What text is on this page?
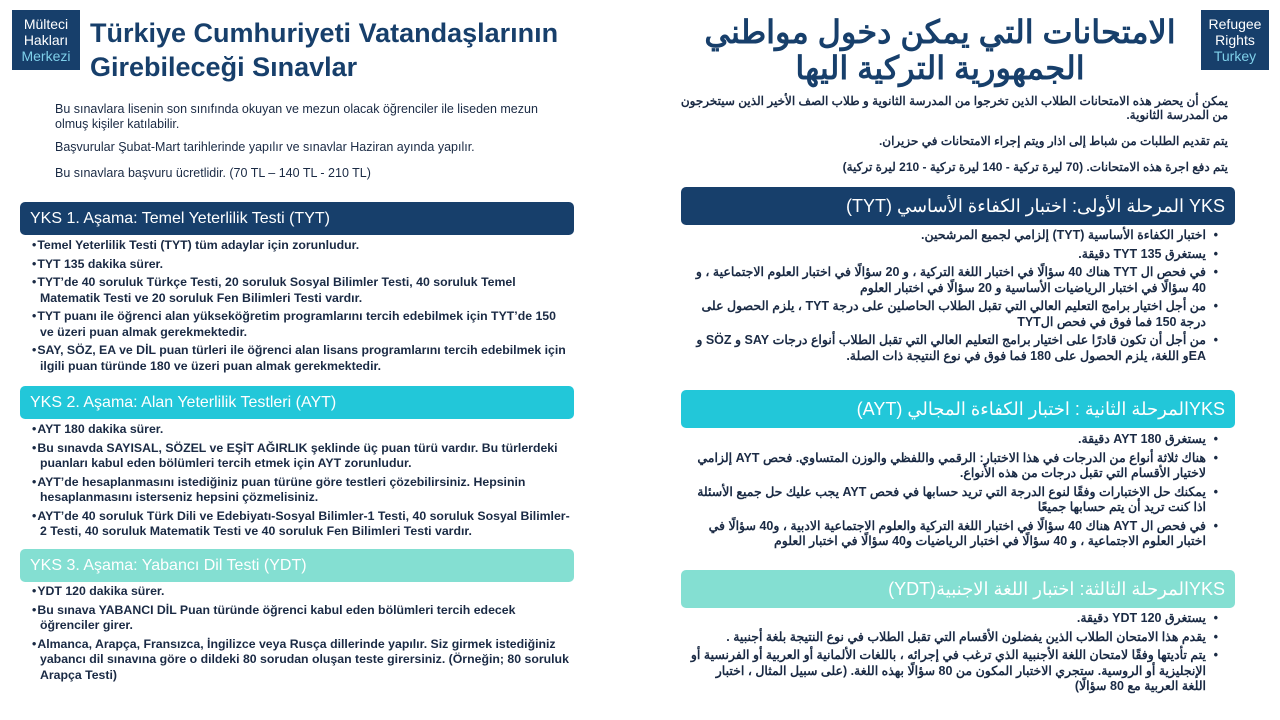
Mülteci
Hakları
Merkezi
Refugee
Rights
Turkey
Türkiye Cumhuriyeti Vatandaşlarının Girebileceği Sınavlar
الامتحانات التي يمكن دخول مواطني الجمهورية التركية اليها
Bu sınavlara lisenin son sınıfında okuyan ve mezun olacak öğrenciler ile liseden mezun olmuş kişiler katılabilir.
Başvurular Şubat-Mart tarihlerinde yapılır ve sınavlar Haziran ayında yapılır.
Bu sınavlara başvuru ücretlidir. (70 TL – 140 TL - 210 TL)
يمكن أن يحضر هذه الامتحانات الطلاب الذين تخرجوا من المدرسة الثانوية و طلاب الصف الأخير الذين سيتخرجون من المدرسة الثانوية.
يتم تقديم الطلبات من شباط إلى اذار ويتم إجراء الامتحانات في حزيران.
يتم دفع اجرة هذه الامتحانات. (70 ليرة تركية - 140 ليرة تركية - 210 ليرة تركية)
YKS 1. Aşama: Temel Yeterlilik Testi (TYT)
• Temel Yeterlilik Testi (TYT) tüm adaylar için zorunludur.
• TYT 135 dakika sürer.
• TYT’de 40 soruluk Türkçe Testi, 20 soruluk Sosyal Bilimler Testi, 40 soruluk Temel Matematik Testi ve 20 soruluk Fen Bilimleri Testi vardır.
• TYT puanı ile öğrenci alan yükseköğretim programlarını tercih edebilmek için TYT’de 150 ve üzeri puan almak gerekmektedir.
• SAY, SÖZ, EA ve DİL puan türleri ile öğrenci alan lisans programlarını tercih edebilmek için ilgili puan türünde 180 ve üzeri puan almak gerekmektedir.
YKS 2. Aşama: Alan Yeterlilik Testleri (AYT)
• AYT 180 dakika sürer.
• Bu sınavda SAYISAL, SÖZEL ve EŞİT AĞIRLIK şeklinde üç puan türü vardır. Bu türlerdeki puanları kabul eden bölümleri tercih etmek için AYT zorunludur.
• AYT’de hesaplanmasını istediğiniz puan türüne göre testleri çözebilirsiniz. Hepsinin hesaplanmasını isterseniz hepsini çözmelisiniz.
• AYT’de 40 soruluk Türk Dili ve Edebiyatı-Sosyal Bilimler-1 Testi, 40 soruluk Sosyal Bilimler-2 Testi, 40 soruluk Matematik Testi ve 40 soruluk Fen Bilimleri Testi vardır.
YKS 3. Aşama: Yabancı Dil Testi (YDT)
• YDT 120 dakika sürer.
• Bu sınava YABANCI DİL Puan türünde öğrenci kabul eden bölümleri tercih edecek öğrenciler girer.
• Almanca, Arapça, Fransızca, İngilizce veya Rusça dillerinde yapılır. Siz girmek istediğiniz yabancı dil sınavına göre o dildeki 80 sorudan oluşan teste girersiniz. (Örneğin; 80 soruluk Arapça Testi)
YKS المرحلة الأولى: اختبار الكفاءة الأساسي (TYT)
• اختبار الكفاءة الأساسية (TYT) إلزامي لجميع المرشحين.
• يستغرق TYT 135 دقيقة.
• في فحص ال TYT هناك 40 سؤالًا في اختبار اللغة التركية ، و 20 سؤالًا في اختبار العلوم الاجتماعية ، و 40 سؤالًا في اختبار الرياضيات الأساسية و 20 سؤالًا في اختبار العلوم
• من أجل اختيار برامج التعليم العالي التي تقبل الطلاب الحاصلين على درجة TYT ، يلزم الحصول على درجة 150 فما فوق في فحص الTYT
• من أجل أن تكون قادرًا على اختيار برامج التعليم العالي التي تقبل الطلاب أنواع درجات SAY و SÖZ و EAو اللغة، يلزم الحصول على 180 فما فوق في نوع النتيجة ذات الصلة.
YKSالمرحلة الثانية : اختبار الكفاءة المجالي (AYT)
• يستغرق AYT 180 دقيقة.
• هناك ثلاثة أنواع من الدرجات في هذا الاختبار: الرقمي واللفظي والوزن المتساوي. فحص AYT إلزامي لاختيار الأقسام التي تقبل درجات من هذه الأنواع.
• يمكنك حل الاختبارات وفقًا لنوع الدرجة التي تريد حسابها في فحص AYT يجب عليك حل جميع الأسئلة اذا كنت تريد أن يتم حسابها جميعًا
• في فحص ال AYT هناك 40 سؤالًا في اختبار اللغة التركية والعلوم الاجتماعية الادبية ، و40 سؤالًا في اختبار العلوم الاجتماعية ، و 40 سؤالًا في اختبار الرياضيات و40 سؤالًا في اختبار العلوم
YKSالمرحلة الثالثة: اختبار اللغة الاجنبية(YDT)
• يستغرق YDT 120 دقيقة.
• يقدم هذا الامتحان الطلاب الذين يفضلون الأقسام التي تقبل الطلاب في نوع النتيجة بلغة أجنبية .
• يتم تأديتها وفقًا لامتحان اللغة الأجنبية الذي ترغب في إجرائه ، باللغات الألمانية أو العربية أو الفرنسية أو الإنجليزية أو الروسية. ستجري الاختبار المكون من 80 سؤالًا بهذه اللغة. (على سبيل المثال ، اختبار اللغة العربية مع 80 سؤالًا)
